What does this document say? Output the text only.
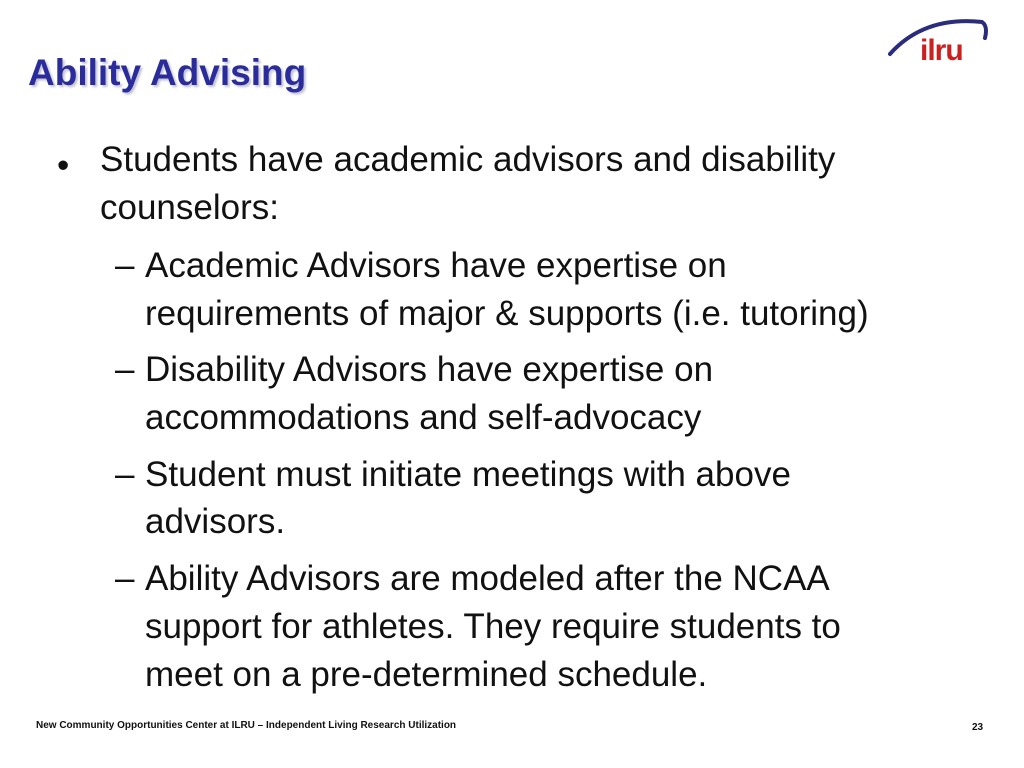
Ability Advising
ilru
• Students have academic advisors and disability
counselors:
– Academic Advisors have expertise on
requirements of major & supports (i.e. tutoring)
– Disability Advisors have expertise on
accommodations and self-advocacy
– Student must initiate meetings with above
advisors.
– Ability Advisors are modeled after the NCAA
support for athletes. They require students to
meet on a pre-determined schedule.
New Community Opportunities Center at ILRU – Independent Living Research Utilization	23
